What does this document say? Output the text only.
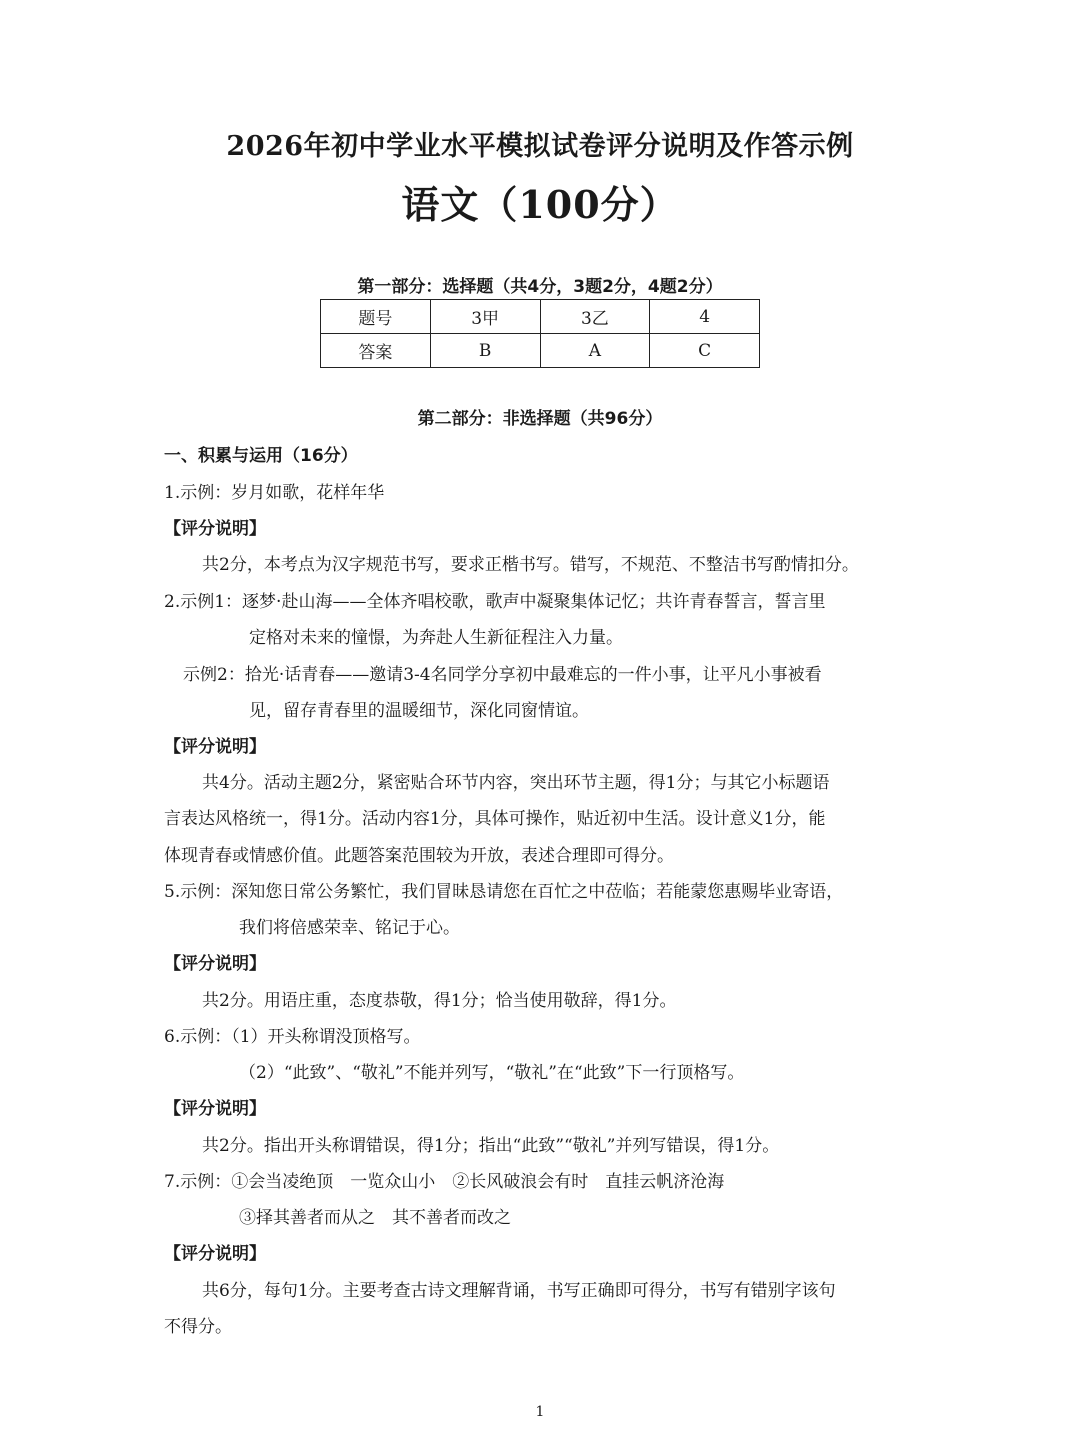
2026年初中学业水平模拟试卷评分说明及作答示例
语文（100分）
第一部分：选择题（共4分，3题2分，4题2分）
题号	3甲	3乙	4
答案	B	A	C
第二部分：非选择题（共96分）
一、积累与运用（16分）
1.示例：岁月如歌，花样年华
【评分说明】
共2分，本考点为汉字规范书写，要求正楷书写。错写，不规范、不整洁书写酌情扣分。
2.示例1：逐梦·赴山海——全体齐唱校歌，歌声中凝聚集体记忆；共许青春誓言，誓言里
定格对未来的憧憬，为奔赴人生新征程注入力量。
示例2：拾光·话青春——邀请3-4名同学分享初中最难忘的一件小事，让平凡小事被看
见，留存青春里的温暖细节，深化同窗情谊。
【评分说明】
共4分。活动主题2分，紧密贴合环节内容，突出环节主题，得1分；与其它小标题语
言表达风格统一，得1分。活动内容1分，具体可操作，贴近初中生活。设计意义1分，能
体现青春或情感价值。此题答案范围较为开放，表述合理即可得分。
5.示例：深知您日常公务繁忙，我们冒昧恳请您在百忙之中莅临；若能蒙您惠赐毕业寄语，
我们将倍感荣幸、铭记于心。
【评分说明】
共2分。用语庄重，态度恭敬，得1分；恰当使用敬辞，得1分。
6.示例：（1）开头称谓没顶格写。
（2）“此致”、“敬礼”不能并列写，“敬礼”在“此致”下一行顶格写。
【评分说明】
共2分。指出开头称谓错误，得1分；指出“此致”“敬礼”并列写错误，得1分。
7.示例：①会当凌绝顶　一览众山小　②长风破浪会有时　直挂云帆济沧海
③择其善者而从之　其不善者而改之
【评分说明】
共6分，每句1分。主要考查古诗文理解背诵，书写正确即可得分，书写有错别字该句
不得分。
1
